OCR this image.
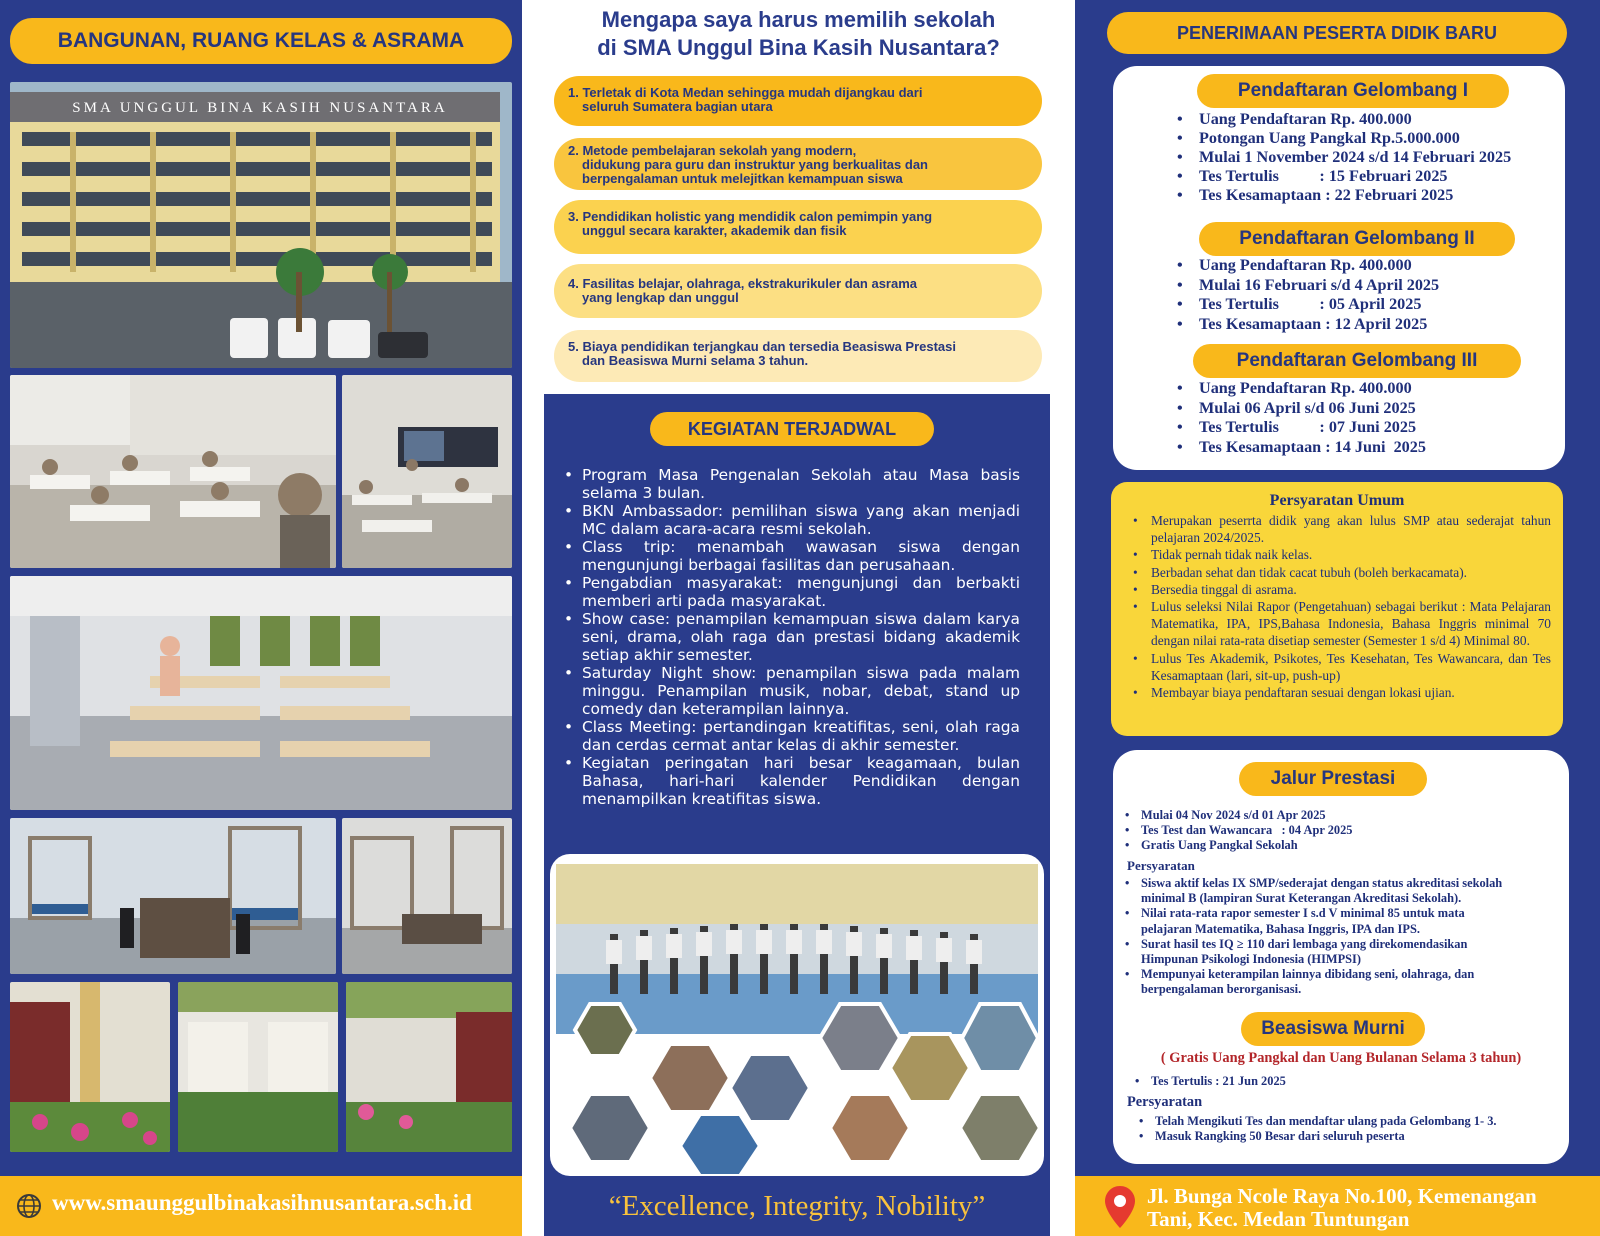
BANGUNAN, RUANG KELAS & ASRAMA
SMA UNGGUL BINA KASIH NUSANTARA
www.smaunggulbinakasihnusantara.sch.id
Mengapa saya harus memilih sekolah
di SMA Unggul Bina Kasih Nusantara?
1. Terletak di Kota Medan sehingga mudah dijangkau dari
seluruh Sumatera bagian utara
2. Metode pembelajaran sekolah yang modern,
didukung para guru dan instruktur yang berkualitas dan
berpengalaman untuk melejitkan kemampuan siswa
3. Pendidikan holistic yang mendidik calon pemimpin yang
unggul secara karakter, akademik dan fisik
4. Fasilitas belajar, olahraga, ekstrakurikuler dan asrama
yang lengkap dan unggul
5. Biaya pendidikan terjangkau dan tersedia Beasiswa Prestasi
dan Beasiswa Murni selama 3 tahun.
KEGIATAN TERJADWAL
• Program Masa Pengenalan Sekolah atau Masa basis selama 3 bulan.
• BKN Ambassador: pemilihan siswa yang akan menjadi MC dalam acara-acara resmi sekolah.
• Class trip: menambah wawasan siswa dengan mengunjungi berbagai fasilitas dan perusahaan.
• Pengabdian masyarakat: mengunjungi dan berbakti memberi arti pada masyarakat.
• Show case: penampilan kemampuan siswa dalam karya seni, drama, olah raga dan prestasi bidang akademik setiap akhir semester.
• Saturday Night show: penampilan siswa pada malam minggu. Penampilan musik, nobar, debat, stand up comedy dan keterampilan lainnya.
• Class Meeting: pertandingan kreatifitas, seni, olah raga dan cerdas cermat antar kelas di akhir semester.
• Kegiatan peringatan hari besar keagamaan, bulan Bahasa, hari-hari kalender Pendidikan dengan menampilkan kreatifitas siswa.
“Excellence, Integrity, Nobility”
PENERIMAAN PESERTA DIDIK BARU
Pendaftaran Gelombang I
• Uang Pendaftaran Rp. 400.000
• Potongan Uang Pangkal Rp.5.000.000
• Mulai 1 November 2024 s/d 14 Februari 2025
• Tes Tertulis          : 15 Februari 2025
• Tes Kesamaptaan : 22 Februari 2025
Pendaftaran Gelombang II
• Uang Pendaftaran Rp. 400.000
• Mulai 16 Februari s/d 4 April 2025
• Tes Tertulis          : 05 April 2025
• Tes Kesamaptaan : 12 April 2025
Pendaftaran Gelombang III
• Uang Pendaftaran Rp. 400.000
• Mulai 06 April s/d 06 Juni 2025
• Tes Tertulis          : 07 Juni 2025
• Tes Kesamaptaan : 14 Juni  2025
Persyaratan Umum
• Merupakan peserrta didik yang akan lulus SMP atau sederajat tahun pelajaran 2024/2025.
• Tidak pernah tidak naik kelas.
• Berbadan sehat dan tidak cacat tubuh (boleh berkacamata).
• Bersedia tinggal di asrama.
• Lulus seleksi Nilai Rapor (Pengetahuan) sebagai berikut : Mata Pelajaran Matematika, IPA, IPS,Bahasa Indonesia, Bahasa Inggris minimal 70 dengan nilai rata-rata disetiap semester (Semester 1 s/d 4) Minimal 80.
• Lulus Tes Akademik, Psikotes, Tes Kesehatan, Tes Wawancara, dan Tes Kesamaptaan (lari, sit-up, push-up)
• Membayar biaya pendaftaran sesuai dengan lokasi ujian.
Jalur Prestasi
• Mulai 04 Nov 2024 s/d 01 Apr 2025
• Tes Test dan Wawancara   : 04 Apr 2025
• Gratis Uang Pangkal Sekolah
Persyaratan
• Siswa aktif kelas IX SMP/sederajat dengan status akreditasi sekolah
minimal B (lampiran Surat Keterangan Akreditasi Sekolah).
• Nilai rata-rata rapor semester I s.d V minimal 85 untuk mata
pelajaran Matematika, Bahasa Inggris, IPA dan IPS.
• Surat hasil tes IQ ≥ 110 dari lembaga yang direkomendasikan
Himpunan Psikologi Indonesia (HIMPSI)
• Mempunyai keterampilan lainnya dibidang seni, olahraga, dan
berpengalaman berorganisasi.
Beasiswa Murni
( Gratis Uang Pangkal dan Uang Bulanan Selama 3 tahun)
• Tes Tertulis : 21 Jun 2025
Persyaratan
• Telah Mengikuti Tes dan mendaftar ulang pada Gelombang 1- 3.
• Masuk Rangking 50 Besar dari seluruh peserta
Jl. Bunga Ncole Raya No.100, Kemenangan
Tani, Kec. Medan Tuntungan
